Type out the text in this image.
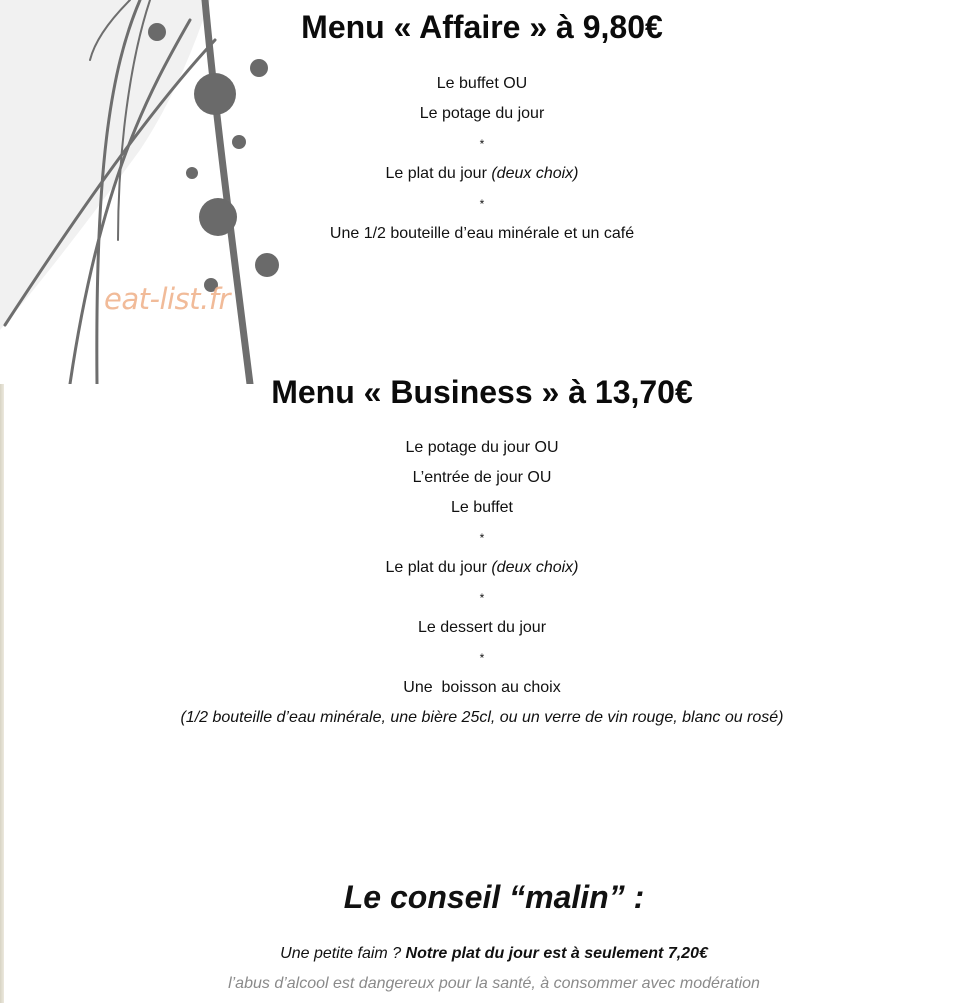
eat-list.fr
Menu « Affaire » à 9,80€
Le buffet OU
Le potage du jour
*
Le plat du jour (deux choix)
*
Une 1/2 bouteille d’eau minérale et un café
Menu « Business » à 13,70€
Le potage du jour OU
L’entrée de jour OU
Le buffet
*
Le plat du jour (deux choix)
*
Le dessert du jour
*
Une  boisson au choix
(1/2 bouteille d’eau minérale, une bière 25cl, ou un verre de vin rouge, blanc ou rosé)
Le conseil “malin” :
Une petite faim ? Notre plat du jour est à seulement 7,20€
l’abus d’alcool est dangereux pour la santé, à consommer avec modération
